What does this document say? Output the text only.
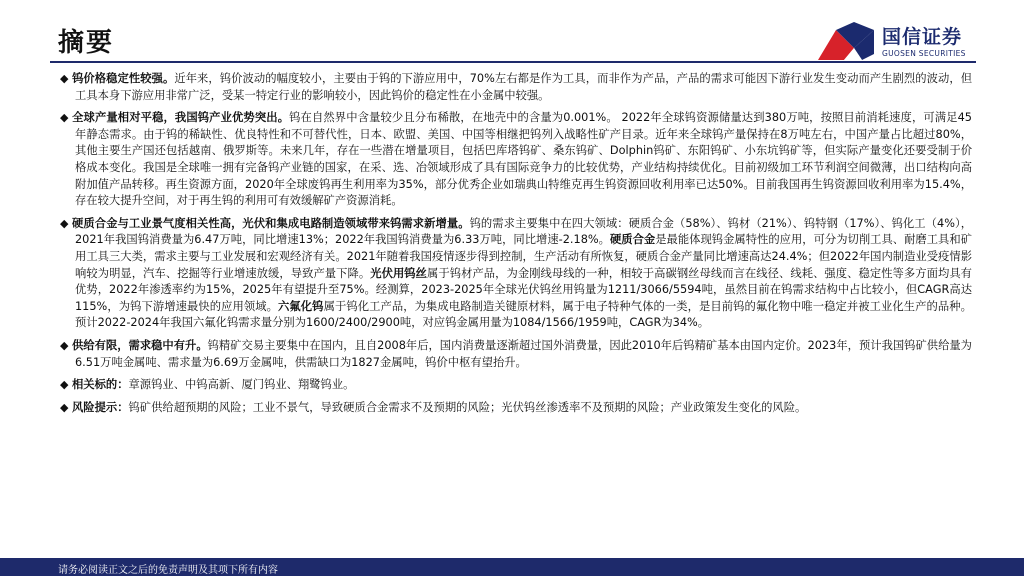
摘要	国信证券
GUOSEN SECURITIES
◆ 钨价格稳定性较强。近年来，钨价波动的幅度较小，主要由于钨的下游应用中，70%左右都是作为工具，而非作为产品，产品的需求可能因下游行业发生变动而产生剧烈的波动，但工具本身下游应用非常广泛，受某一特定行业的影响较小，因此钨价的稳定性在小金属中较强。
◆ 全球产量相对平稳，我国钨产业优势突出。钨在自然界中含量较少且分布稀散，在地壳中的含量为0.001%。 2022年全球钨资源储量达到380万吨，按照目前消耗速度，可满足45年静态需求。由于钨的稀缺性、优良特性和不可替代性，日本、欧盟、美国、中国等相继把钨列入战略性矿产目录。近年来全球钨产量保持在8万吨左右，中国产量占比超过80%，其他主要生产国还包括越南、俄罗斯等。未来几年，存在一些潜在增量项目，包括巴库塔钨矿、桑东钨矿、Dolphin钨矿、东阳钨矿、小东坑钨矿等，但实际产量变化还要受制于价格成本变化。我国是全球唯一拥有完备钨产业链的国家，在采、选、冶领域形成了具有国际竞争力的比较优势，产业结构持续优化。目前初级加工环节利润空间微薄，出口结构向高附加值产品转移。再生资源方面，2020年全球废钨再生利用率为35%，部分优秀企业如瑞典山特维克再生钨资源回收利用率已达50%。目前我国再生钨资源回收利用率为15.4%，存在较大提升空间，对于再生钨的利用可有效缓解矿产资源消耗。
◆ 硬质合金与工业景气度相关性高，光伏和集成电路制造领域带来钨需求新增量。钨的需求主要集中在四大领域：硬质合金（58%）、钨材（21%）、钨特钢（17%）、钨化工（4%），2021年我国钨消费量为6.47万吨，同比增速13%；2022年我国钨消费量为6.33万吨，同比增速-2.18%。硬质合金是最能体现钨金属特性的应用，可分为切削工具、耐磨工具和矿用工具三大类，需求主要与工业发展和宏观经济有关。2021年随着我国疫情逐步得到控制，生产活动有所恢复，硬质合金产量同比增速高达24.4%；但2022年国内制造业受疫情影响较为明显，汽车、挖掘等行业增速放缓，导致产量下降。光伏用钨丝属于钨材产品，为金刚线母线的一种，相较于高碳钢丝母线而言在线径、线耗、强度、稳定性等多方面均具有优势，2022年渗透率约为15%，2025年有望提升至75%。经测算，2023-2025年全球光伏钨丝用钨量为1211/3066/5594吨，虽然目前在钨需求结构中占比较小，但CAGR高达115%，为钨下游增速最快的应用领域。六氟化钨属于钨化工产品，为集成电路制造关键原材料，属于电子特种气体的一类，是目前钨的氟化物中唯一稳定并被工业化生产的品种。预计2022-2024年我国六氟化钨需求量分别为1600/2400/2900吨，对应钨金属用量为1084/1566/1959吨，CAGR为34%。
◆ 供给有限，需求稳中有升。钨精矿交易主要集中在国内，且自2008年后，国内消费量逐渐超过国外消费量，因此2010年后钨精矿基本由国内定价。2023年，预计我国钨矿供给量为6.51万吨金属吨、需求量为6.69万金属吨，供需缺口为1827金属吨，钨价中枢有望抬升。
◆ 相关标的：章源钨业、中钨高新、厦门钨业、翔鹭钨业。
◆ 风险提示：钨矿供给超预期的风险；工业不景气，导致硬质合金需求不及预期的风险；光伏钨丝渗透率不及预期的风险；产业政策发生变化的风险。
请务必阅读正文之后的免责声明及其项下所有内容
